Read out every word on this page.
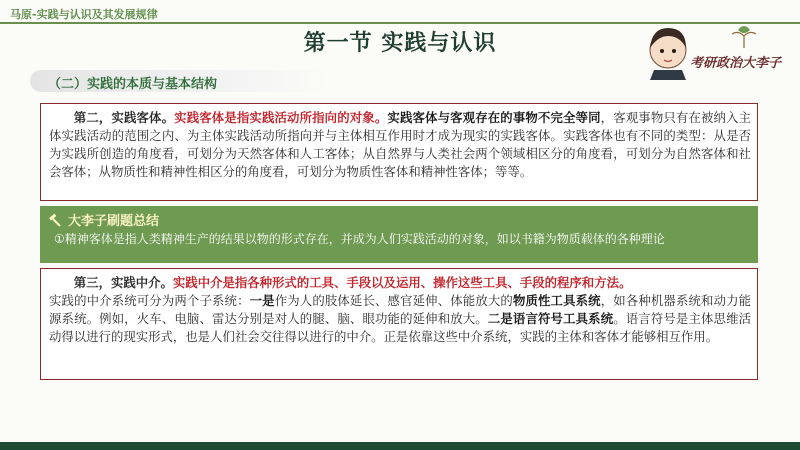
马原-实践与认识及其发展规律
第一节 实践与认识
考研政治大李子
（二）实践的本质与基本结构
第二，实践客体。实践客体是指实践活动所指向的对象。实践客体与客观存在的事物不完全等同，客观事物只有在被纳入主体实践活动的范围之内、为主体实践活动所指向并与主体相互作用时才成为现实的实践客体。实践客体也有不同的类型：从是否为实践所创造的角度看，可划分为天然客体和人工客体；从自然界与人类社会两个领域相区分的角度看，可划分为自然客体和社会客体；从物质性和精神性相区分的角度看，可划分为物质性客体和精神性客体；等等。
大李子刷题总结
①精神客体是指人类精神生产的结果以物的形式存在，并成为人们实践活动的对象，如以书籍为物质载体的各种理论
第三，实践中介。实践中介是指各种形式的工具、手段以及运用、操作这些工具、手段的程序和方法。
实践的中介系统可分为两个子系统：一是作为人的肢体延长、感官延伸、体能放大的物质性工具系统，如各种机器系统和动力能源系统。例如，火车、电脑、雷达分别是对人的腿、脑、眼功能的延伸和放大。二是语言符号工具系统。语言符号是主体思维活动得以进行的现实形式，也是人们社会交往得以进行的中介。正是依靠这些中介系统，实践的主体和客体才能够相互作用。
